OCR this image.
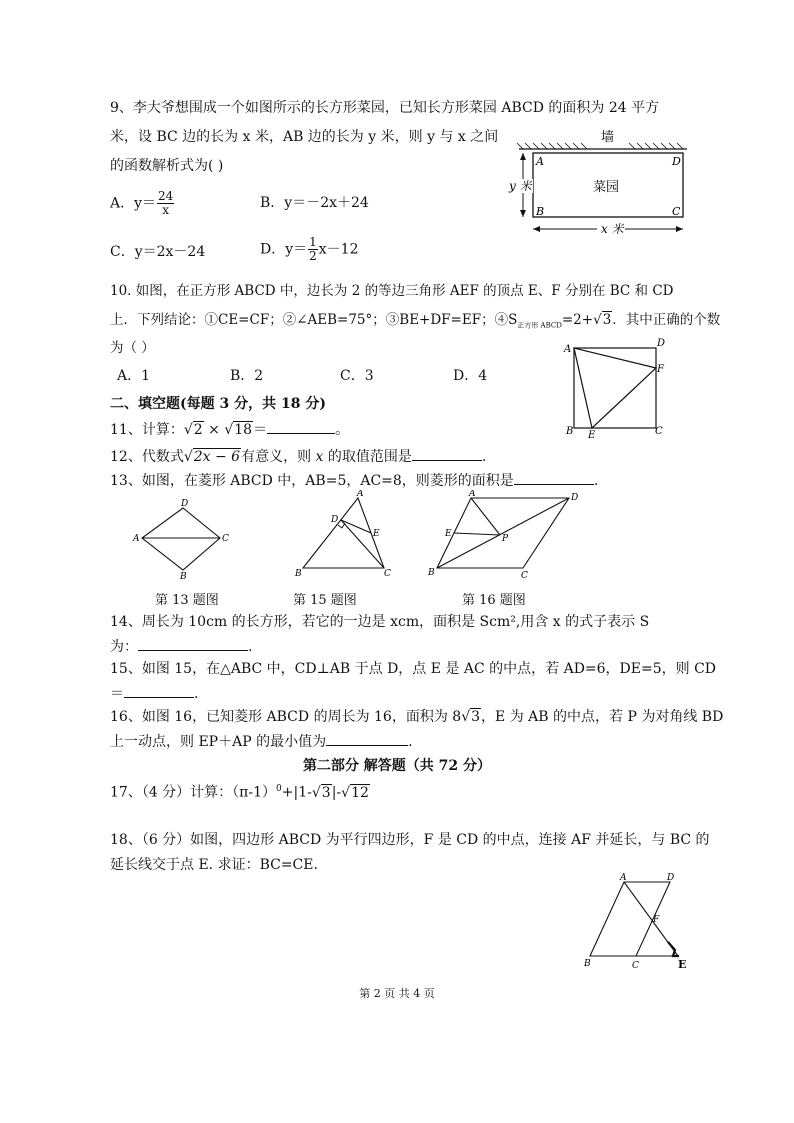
9、李大爷想围成一个如图所示的长方形菜园，已知长方形菜园 ABCD 的面积为 24 平方
米，设 BC 边的长为 x 米，AB 边的长为 y 米，则 y 与 x 之间
的函数解析式为( )
A．$y= \frac{24}{x}$	B．y＝－2x＋24
C．y＝2x－24	D．$y= \frac{1}{2} x-12$
墙
A	D
B	C
菜园
y 米
x 米
10. 如图，在正方形 ABCD 中，边长为 2 的等边三角形 AEF 的顶点 E、F 分别在 BC 和 CD
上．下列结论：①CE=CF；②∠AEB=75°；③BE+DF=EF；$④S_{正方形 ABCD}=2+√3$．其中正确的个数
为（ ）
A．1	B．2	C．3	D．4
A
D
B E	C
F
二、填空题(每题 3 分，共 18 分)
11、计算：√2 × √18＝	。
12、代数式√2x − 6有意义，则 x 的取值范围是	.
13、如图，在菱形 ABCD 中，AB=5，AC=8，则菱形的面积是	.
D
A	C
B
A
D
E
B	C
A	D
E	P
B	C
第 13 题图	第 15 题图	第 16 题图
14、周长为 10cm 的长方形，若它的一边是 xcm，面积是 Scm²,用含 x 的式子表示 S
为：	.
15、如图 15，在△ABC 中，CD⊥AB 于点 D，点 E 是 AC 的中点，若 AD=6，DE=5，则 CD
＝	.
16、如图 16，已知菱形 ABCD 的周长为 16，面积为 8√3，E 为 AB 的中点，若 P 为对角线 BD
上一动点，则 EP＋AP 的最小值为	.
第二部分 解答题（共 72 分）
17、（4 分）计算：$(\pi-1)^0+|1-√3|-√12$
18、（6 分）如图，四边形 ABCD 为平行四边形，F 是 CD 的中点，连接 AF 并延长，与 BC 的
延长线交于点 E. 求证：BC=CE.
A	D
F
B	C	E
第 2 页 共 4 页
